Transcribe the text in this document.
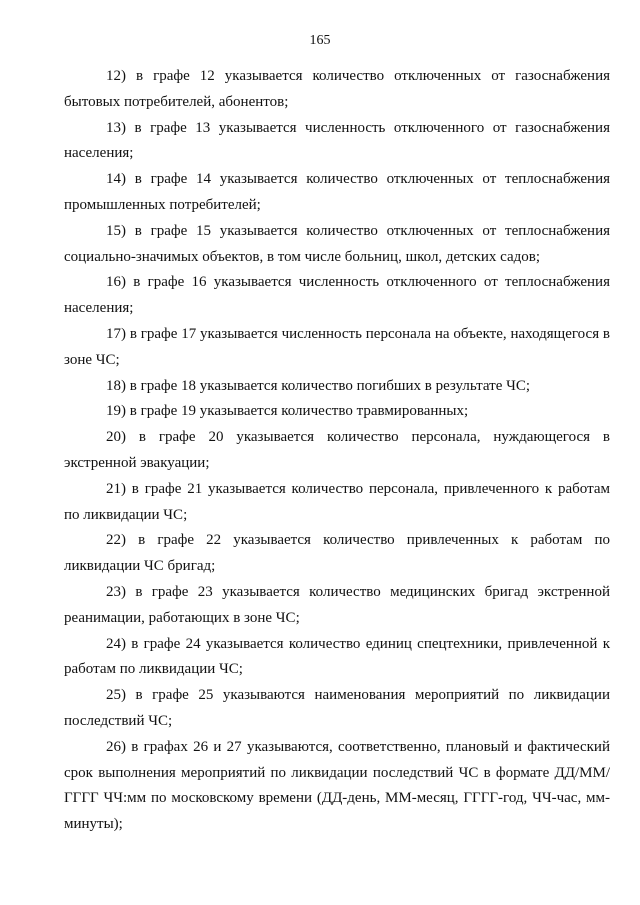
165

12) в графе 12 указывается количество отключенных от газоснабжения бытовых потребителей, абонентов;

13) в графе 13 указывается численность отключенного от газоснабжения населения;

14) в графе 14 указывается количество отключенных от теплоснабжения промышленных потребителей;

15) в графе 15 указывается количество отключенных от теплоснабжения социально-значимых объектов, в том числе больниц, школ, детских садов;

16) в графе 16 указывается численность отключенного от теплоснабжения населения;

17) в графе 17 указывается численность персонала на объекте, находящегося в зоне ЧС;

18) в графе 18 указывается количество погибших в результате ЧС;

19) в графе 19 указывается количество травмированных;

20) в графе 20 указывается количество персонала, нуждающегося в экстренной эвакуации;

21) в графе 21 указывается количество персонала, привлеченного к работам по ликвидации ЧС;

22) в графе 22 указывается количество привлеченных к работам по ликвидации ЧС бригад;

23) в графе 23 указывается количество медицинских бригад экстренной реанимации, работающих в зоне ЧС;

24) в графе 24 указывается количество единиц спецтехники, привлеченной к работам по ликвидации ЧС;

25) в графе 25 указываются наименования мероприятий по ликвидации последствий ЧС;

26) в графах 26 и 27 указываются, соответственно, плановый и фактический срок выполнения мероприятий по ликвидации последствий ЧС в формате ДД/ММ/ГГГГ ЧЧ:мм по московскому времени (ДД-день, ММ-месяц, ГГГГ-год, ЧЧ-час, мм-минуты);
